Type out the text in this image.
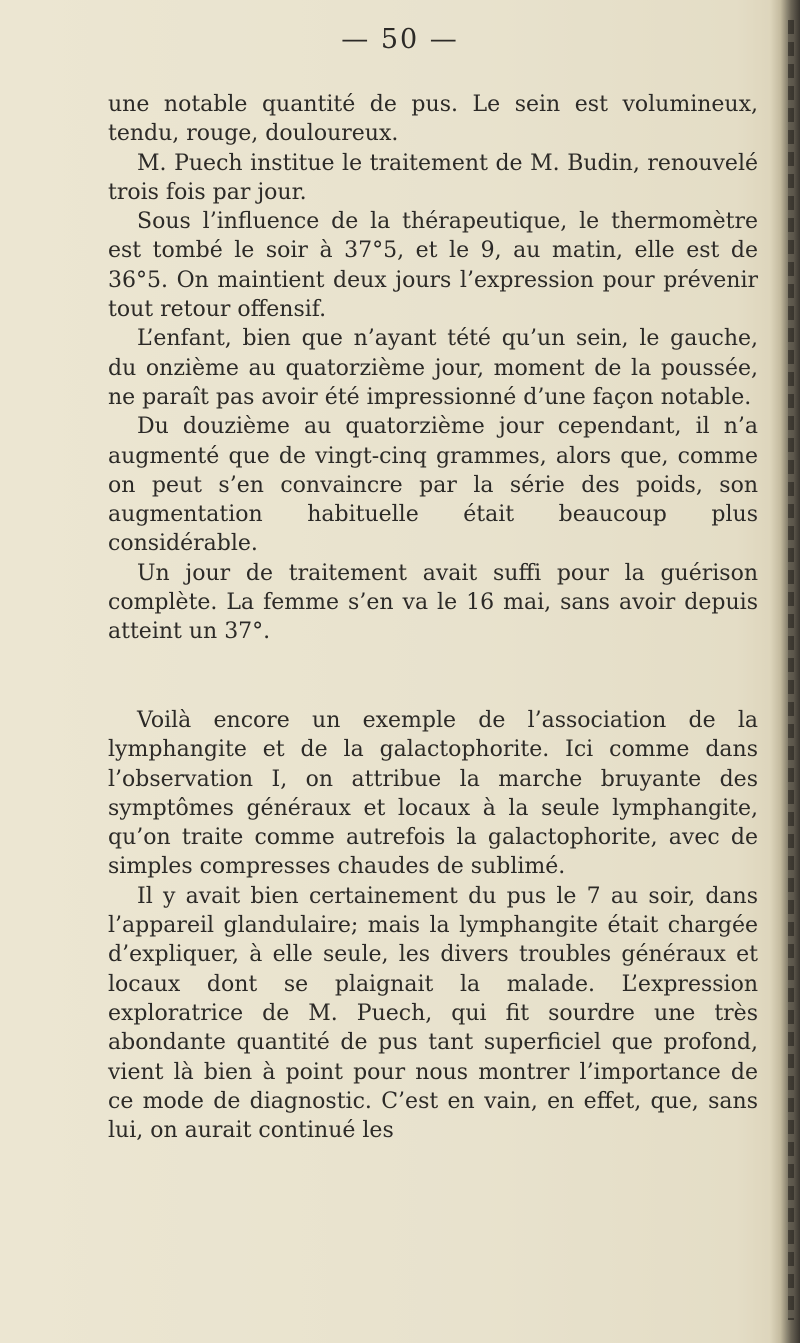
— 50 —

une notable quantité de pus. Le sein est volumineux, tendu, rouge, douloureux.

M. Puech institue le traitement de M. Budin, renouvelé trois fois par jour.

Sous l’influence de la thérapeutique, le thermomètre est tombé le soir à 37°5, et le 9, au matin, elle est de 36°5. On maintient deux jours l’expression pour prévenir tout retour offensif.

L’enfant, bien que n’ayant tété qu’un sein, le gauche, du onzième au quatorzième jour, moment de la poussée, ne paraît pas avoir été impressionné d’une façon notable.

Du douzième au quatorzième jour cependant, il n’a augmenté que de vingt-cinq grammes, alors que, comme on peut s’en convaincre par la série des poids, son augmentation habituelle était beaucoup plus considérable.

Un jour de traitement avait suffi pour la guérison complète. La femme s’en va le 16 mai, sans avoir depuis atteint un 37°.

Voilà encore un exemple de l’association de la lymphangite et de la galactophorite. Ici comme dans l’observation I, on attribue la marche bruyante des symptômes généraux et locaux à la seule lymphangite, qu’on traite comme autrefois la galactophorite, avec de simples compresses chaudes de sublimé.

Il y avait bien certainement du pus le 7 au soir, dans l’appareil glandulaire; mais la lymphangite était chargée d’expliquer, à elle seule, les divers troubles généraux et locaux dont se plaignait la malade. L’expression exploratrice de M. Puech, qui fit sourdre une très abondante quantité de pus tant superficiel que profond, vient là bien à point pour nous montrer l’importance de ce mode de diagnostic. C’est en vain, en effet, que, sans lui, on aurait continué les
